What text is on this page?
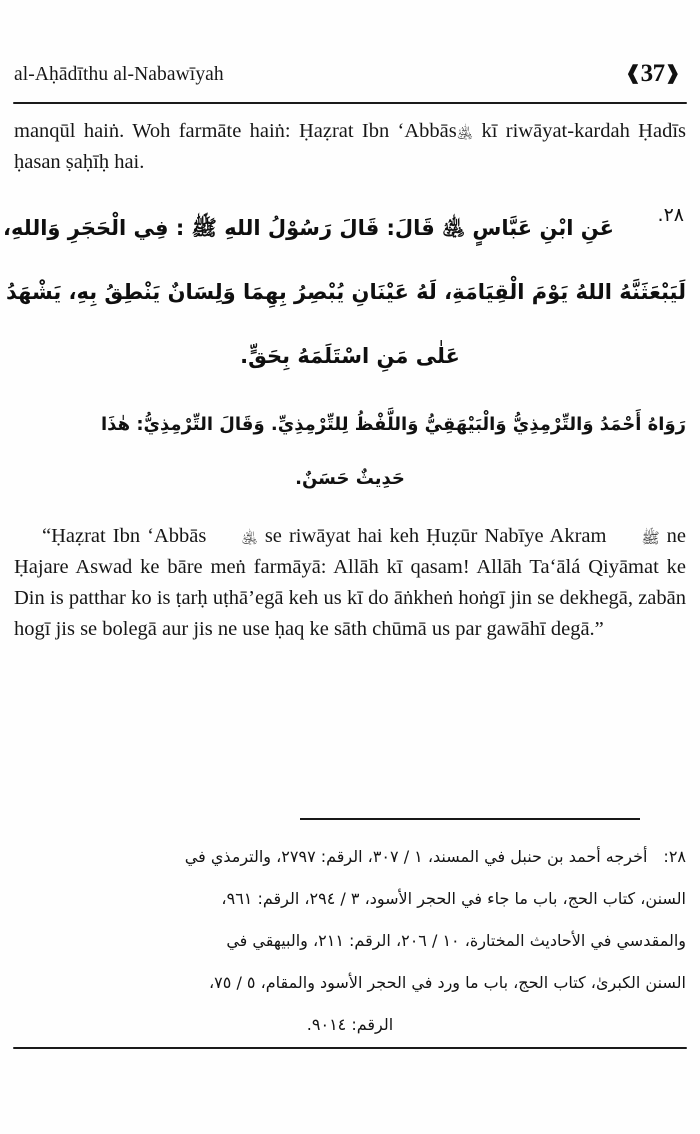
al-Aḥādīthu al-Nabawīyah	❰37❱

manqūl haiṅ. Woh farmāte haiṅ: Ḥaẓrat Ibn ‘Abbās﵁ kī riwāyat-kardah Ḥadīs ḥasan ṣaḥīḥ hai.

٢٨.
عَنِ ابْنِ عَبَّاسٍ ﵁ قَالَ: قَالَ رَسُوْلُ اللهِ ﷺ : فِي الْحَجَرِ وَاللهِ،
لَيَبْعَثَنَّهُ اللهُ يَوْمَ الْقِيَامَةِ، لَهُ عَيْنَانِ يُبْصِرُ بِهِمَا وَلِسَانٌ يَنْطِقُ بِهِ، يَشْهَدُ
عَلٰى مَنِ اسْتَلَمَهُ بِحَقٍّ.
رَوَاهُ أَحْمَدُ وَالتِّرْمِذِيُّ وَالْبَيْهَقِيُّ وَاللَّفْظُ لِلتِّرْمِذِيِّ. وَقَالَ التِّرْمِذِيُّ: هٰذَا
حَدِيثٌ حَسَنٌ.

“Ḥaẓrat Ibn ‘Abbās ﵁ se riwāyat hai keh Ḥuẓūr Nabīye Akram ﷺ ne Ḥajare Aswad ke bāre meṅ farmāyā: Allāh kī qasam! Allāh Ta‘ālá Qiyāmat ke Din is patthar ko is ṭarḥ uṭhā’egā keh us kī do āṅkheṅ hoṅgī jin se dekhegā, zabān hogī jis se bolegā aur jis ne use ḥaq ke sāth chūmā us par gawāhī degā.”

٢٨:أخرجه أحمد بن حنبل في المسند، ١ / ٣٠٧، الرقم: ٢٧٩٧، والترمذي في
السنن، كتاب الحج، باب ما جاء في الحجر الأسود، ٣ / ٢٩٤، الرقم: ٩٦١،
والمقدسي في الأحاديث المختارة، ١٠ / ٢٠٦، الرقم: ٢١١، والبيهقي في
السنن الكبرىٰ، كتاب الحج، باب ما ورد في الحجر الأسود والمقام، ٥ / ٧٥،
الرقم: ٩٠١٤.
